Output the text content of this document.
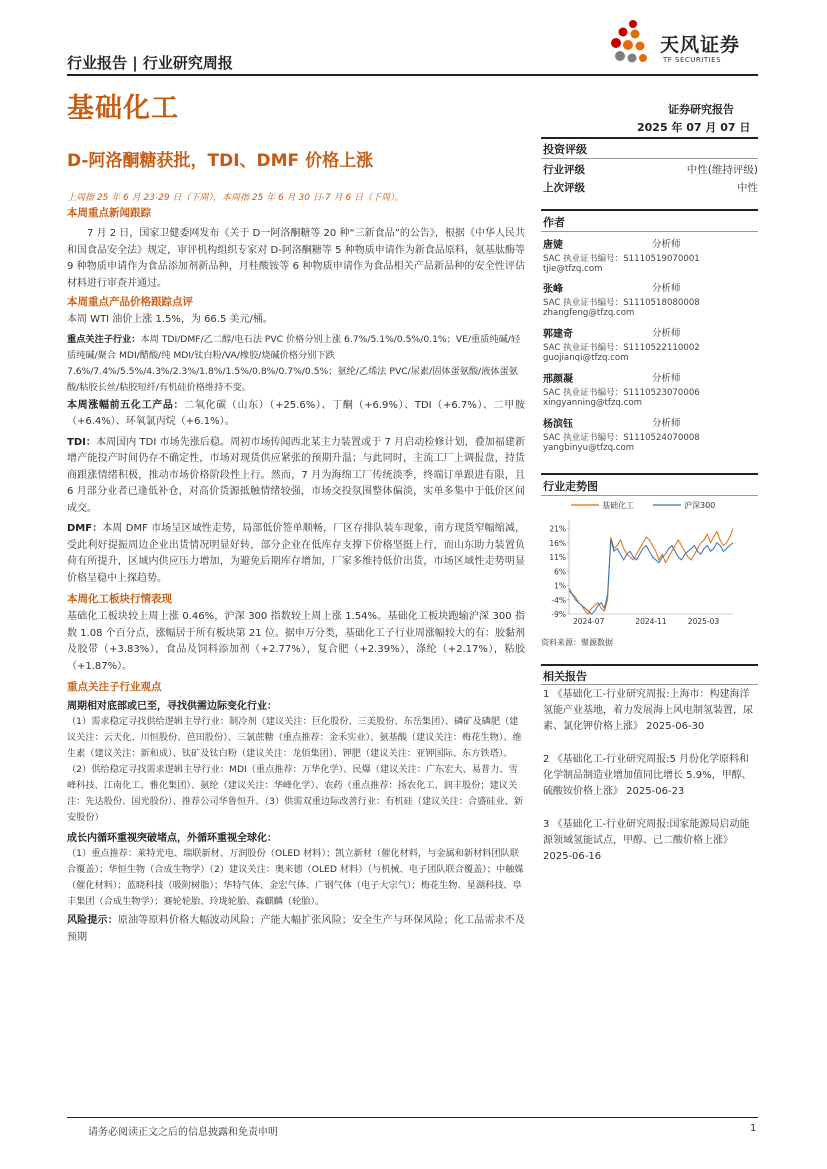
行业报告 | 行业研究周报
天风证券
TF SECURITIES
基础化工	证券研究报告
2025 年 07 月 07 日
D-阿洛酮糖获批，TDI、DMF 价格上涨
投资评级
行业评级	中性(维持评级)
上次评级	中性
作者
唐婕	分析师
SAC 执业证书编号：S1110519070001
tjie@tfzq.com
张峰	分析师
SAC 执业证书编号：S1110518080008
zhangfeng@tfzq.com
郭建奇	分析师
SAC 执业证书编号：S1110522110002
guojianqi@tfzq.com
邢颜凝	分析师
SAC 执业证书编号：S1110523070006
xingyanning@tfzq.com
杨滨钰	分析师
SAC 执业证书编号：S1110524070008
yangbinyu@tfzq.com
行业走势图
基础化工	沪深300
21%
16%
11%
6%
1%
-4%
-9%
2024-07	2024-11	2025-03
资料来源：聚源数据
相关报告
1 《基础化工-行业研究周报:上海市：构建海洋氢能产业基地，着力发展海上风电制氢装置，尿素、氯化钾价格上涨》 2025-06-30
2 《基础化工-行业研究周报:5 月份化学原料和化学制品制造业增加值同比增长 5.9%，甲醇、硫酸铵价格上涨》 2025-06-23
3 《基础化工-行业研究周报:国家能源局启动能源领域氢能试点，甲醇、己二酸价格上涨》 2025-06-16
上周指 25 年 6 月 23-29 日（下周），本周指 25 年 6 月 30 日-7 月 6 日（下周）。
本周重点新闻跟踪
7 月 2 日，国家卫健委网发布《关于 D一阿洛酮糖等 20 种“三新食品”的公告》，根据《中华人民共和国食品安全法》规定，审评机构组织专家对 D-阿洛酮糖等 5 种物质申请作为新食品原料，氨基肽酶等 9 种物质申请作为食品添加剂新品种，月桂酸铵等 6 种物质申请作为食品相关产品新品种的安全性评估材料进行审查并通过。
本周重点产品价格跟踪点评
本周 WTI 油价上涨 1.5%，为 66.5 美元/桶。
重点关注子行业：本周 TDI/DMF/乙二醇/电石法 PVC 价格分别上涨 6.7%/5.1%/0.5%/0.1%；VE/重质纯碱/轻质纯碱/聚合 MDI/醋酸/纯 MDI/钛白粉/VA/橡胶/烧碱价格分别下跌 7.6%/7.4%/5.5%/4.3%/2.3%/1.8%/1.5%/0.8%/0.7%/0.5%；氨纶/乙烯法 PVC/尿素/固体蛋氨酸/液体蛋氨酸/粘胶长丝/粘胶短纤/有机硅价格维持不变。
本周涨幅前五化工产品：二氧化碳（山东）（+25.6%）、丁酮（+6.9%）、TDI（+6.7%）、二甲胺（+6.4%）、环氧氯丙烷（+6.1%）。
TDI：本周国内 TDI 市场先涨后稳。周初市场传闻西北某主力装置或于 7 月启动检修计划，叠加福建新增产能投产时间仍存不确定性，市场对现货供应紧张的预期升温；与此同时，主流工厂上调报盘，持货商跟涨情绪积极，推动市场价格阶段性上行。然而，7 月为海绵工厂传统淡季，终端订单跟进有限，且 6 月部分业者已逢低补仓，对高价货源抵触情绪较强，市场交投氛围整体偏淡，实单多集中于低价区间成交。
DMF：本周 DMF 市场呈区域性走势，局部低价签单顺畅，厂区存排队装车现象，南方现货窄幅缩减，受此利好提振周边企业出货情况明显好转，部分企业在低库存支撑下价格坚挺上行，而山东助力装置负荷有所提升，区域内供应压力增加，为避免后期库存增加，厂家多维持低价出货，市场区域性走势明显价格呈稳中上探趋势。
本周化工板块行情表现
基础化工板块较上周上涨 0.46%，沪深 300 指数较上周上涨 1.54%。基础化工板块跑输沪深 300 指数 1.08 个百分点，涨幅居于所有板块第 21 位。据申万分类，基础化工子行业周涨幅较大的有：胶黏剂及胶带（+3.83%），食品及饲料添加剂（+2.77%），复合肥（+2.39%），涤纶（+2.17%），粘胶（+1.87%）。
重点关注子行业观点
周期相对底部或已至，寻找供需边际变化行业：
（1）需求稳定寻找供给逻辑主导行业：制冷剂（建议关注：巨化股份、三美股份、东岳集团）、磷矿及磷肥（建议关注：云天化、川恒股份、芭田股份）、三氯蔗糖（重点推荐：金禾实业）、氨基酸（建议关注：梅花生物）、维生素（建议关注：新和成）、钛矿及钛白粉（建议关注：龙佰集团）、钾肥（建议关注：亚钾国际、东方铁塔）。（2）供给稳定寻找需求逻辑主导行业：MDI（重点推荐：万华化学）、民爆（建议关注：广东宏大、易普力、雪峰科技、江南化工、雅化集团）、氨纶（建议关注：华峰化学）、农药（重点推荐：扬农化工、润丰股份；建议关注：先达股份、国光股份）、推荐公司华鲁恒升。（3）供需双重边际改善行业：有机硅（建议关注：合盛硅业、新安股份）
成长内循环重视突破堵点，外循环重视全球化：
（1）重点推荐：莱特光电、瑞联新材、万润股份（OLED 材料）；凯立新材（催化材料，与金属和新材料团队联合覆盖）；华恒生物（合成生物学）（2）建议关注：奥来德（OLED 材料）（与机械、电子团队联合覆盖）；中触媒（催化材料）；蓝晓科技（吸附树脂）；华特气体、金宏气体、广钢气体（电子大宗气）；梅花生物、星湖科技、阜丰集团（合成生物学）；赛轮轮胎、玲珑轮胎、森麒麟（轮胎）。
风险提示：原油等原料价格大幅波动风险；产能大幅扩张风险；安全生产与环保风险；化工品需求不及预期
请务必阅读正文之后的信息披露和免责申明	1
